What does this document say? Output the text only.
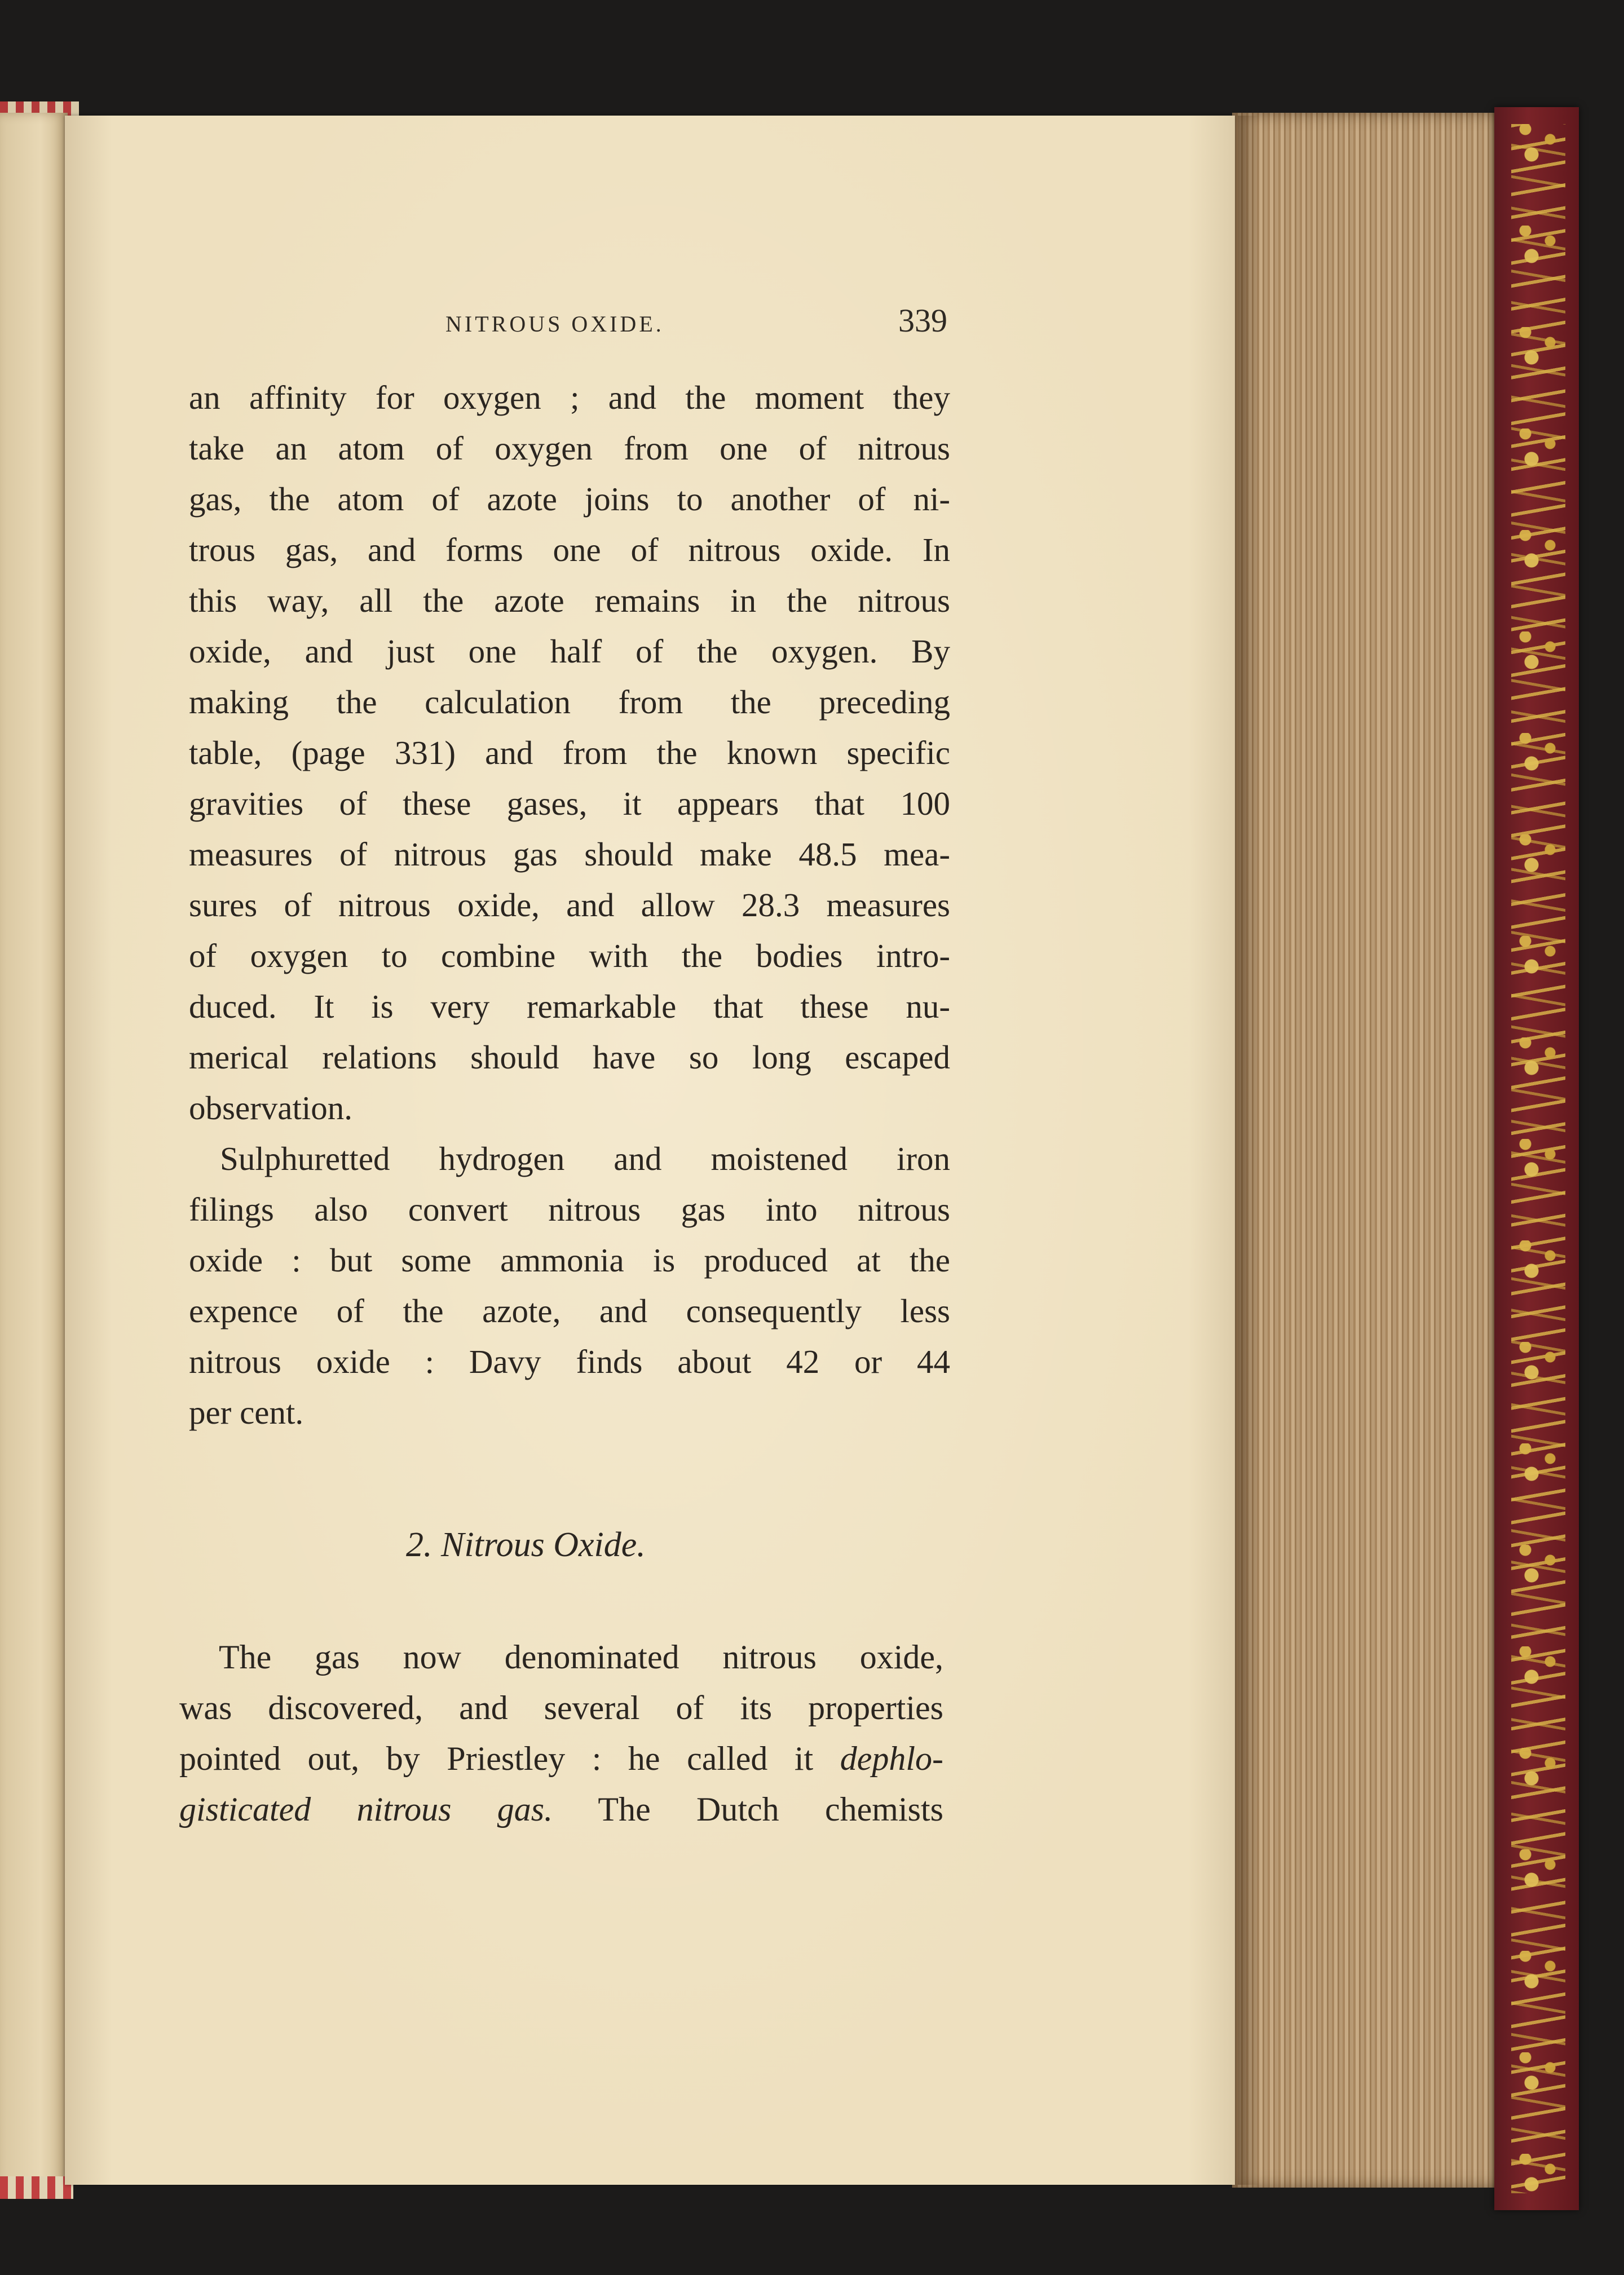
NITROUS OXIDE.	339
an affinity for oxygen ; and the moment they
take an atom of oxygen from one of nitrous
gas, the atom of azote joins to another of ni-
trous gas, and forms one of nitrous oxide. In
this way, all the azote remains in the nitrous
oxide, and just one half of the oxygen. By
making the calculation from the preceding
table, (page 331) and from the known specific
gravities of these gases, it appears that 100
measures of nitrous gas should make 48.5 mea-
sures of nitrous oxide, and allow 28.3 measures
of oxygen to combine with the bodies intro-
duced. It is very remarkable that these nu-
merical relations should have so long escaped
observation.
Sulphuretted hydrogen and moistened iron
filings also convert nitrous gas into nitrous
oxide : but some ammonia is produced at the
expence of the azote, and consequently less
nitrous oxide : Davy finds about 42 or 44
per cent.
2. Nitrous Oxide.
The gas now denominated nitrous oxide,
was discovered, and several of its properties
pointed out, by Priestley : he called it dephlo-
gisticated nitrous gas. The Dutch chemists
